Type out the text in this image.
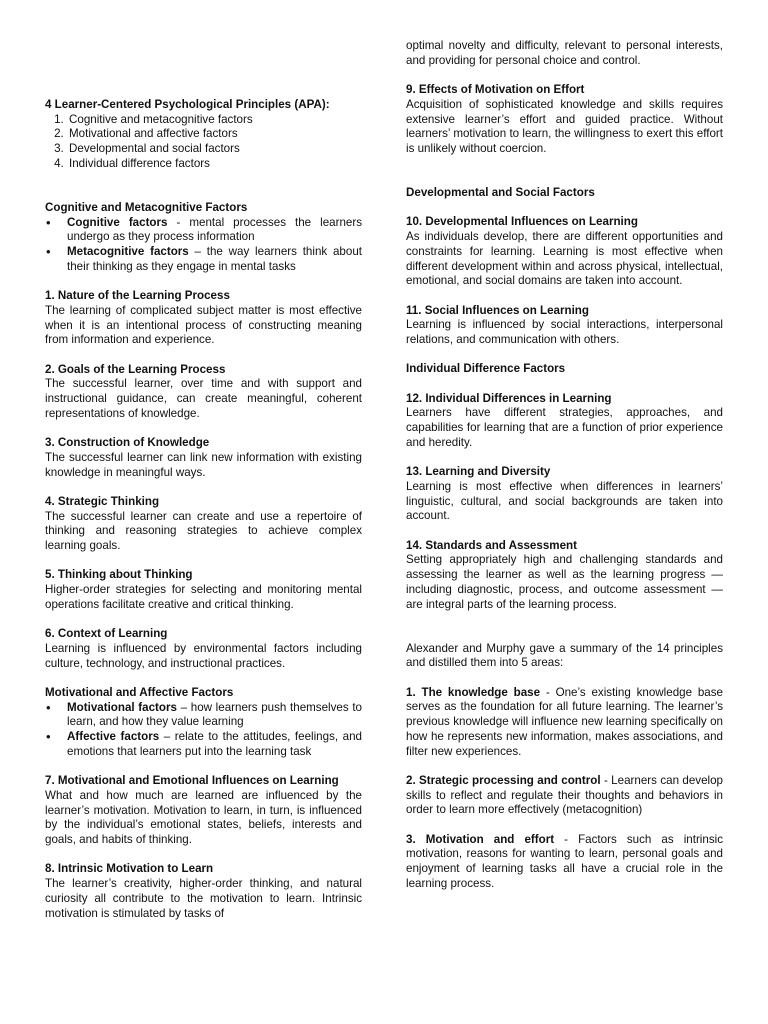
4 Learner-Centered Psychological Principles (APA):

1. Cognitive and metacognitive factors
2. Motivational and affective factors
3. Developmental and social factors
4. Individual difference factors

Cognitive and Metacognitive Factors

• Cognitive factors - mental processes the learners undergo as they process information
• Metacognitive factors – the way learners think about their thinking as they engage in mental tasks

1. Nature of the Learning Process

The learning of complicated subject matter is most effective when it is an intentional process of constructing meaning from information and experience.

2. Goals of the Learning Process

The successful learner, over time and with support and instructional guidance, can create meaningful, coherent representations of knowledge.

3. Construction of Knowledge

The successful learner can link new information with existing knowledge in meaningful ways.

4. Strategic Thinking

The successful learner can create and use a repertoire of thinking and reasoning strategies to achieve complex learning goals.

5. Thinking about Thinking

Higher-order strategies for selecting and monitoring mental operations facilitate creative and critical thinking.

6. Context of Learning

Learning is influenced by environmental factors including culture, technology, and instructional practices.

Motivational and Affective Factors

• Motivational factors – how learners push themselves to learn, and how they value learning
• Affective factors – relate to the attitudes, feelings, and emotions that learners put into the learning task

7. Motivational and Emotional Influences on Learning

What and how much are learned are influenced by the learner’s motivation. Motivation to learn, in turn, is influenced by the individual’s emotional states, beliefs, interests and goals, and habits of thinking.

8. Intrinsic Motivation to Learn

The learner’s creativity, higher-order thinking, and natural curiosity all contribute to the motivation to learn. Intrinsic motivation is stimulated by tasks of

optimal novelty and difficulty, relevant to personal interests, and providing for personal choice and control.

9. Effects of Motivation on Effort

Acquisition of sophisticated knowledge and skills requires extensive learner’s effort and guided practice. Without learners’ motivation to learn, the willingness to exert this effort is unlikely without coercion.

Developmental and Social Factors

10. Developmental Influences on Learning

As individuals develop, there are different opportunities and constraints for learning. Learning is most effective when different development within and across physical, intellectual, emotional, and social domains are taken into account.

11. Social Influences on Learning

Learning is influenced by social interactions, interpersonal relations, and communication with others.

Individual Difference Factors

12. Individual Differences in Learning

Learners have different strategies, approaches, and capabilities for learning that are a function of prior experience and heredity.

13. Learning and Diversity

Learning is most effective when differences in learners’ linguistic, cultural, and social backgrounds are taken into account.

14. Standards and Assessment

Setting appropriately high and challenging standards and assessing the learner as well as the learning progress — including diagnostic, process, and outcome assessment — are integral parts of the learning process.

Alexander and Murphy gave a summary of the 14 principles and distilled them into 5 areas:

1. The knowledge base - One’s existing knowledge base serves as the foundation for all future learning. The learner’s previous knowledge will influence new learning specifically on how he represents new information, makes associations, and filter new experiences.

2. Strategic processing and control - Learners can develop skills to reflect and regulate their thoughts and behaviors in order to learn more effectively (metacognition)

3. Motivation and effort - Factors such as intrinsic motivation, reasons for wanting to learn, personal goals and enjoyment of learning tasks all have a crucial role in the learning process.
